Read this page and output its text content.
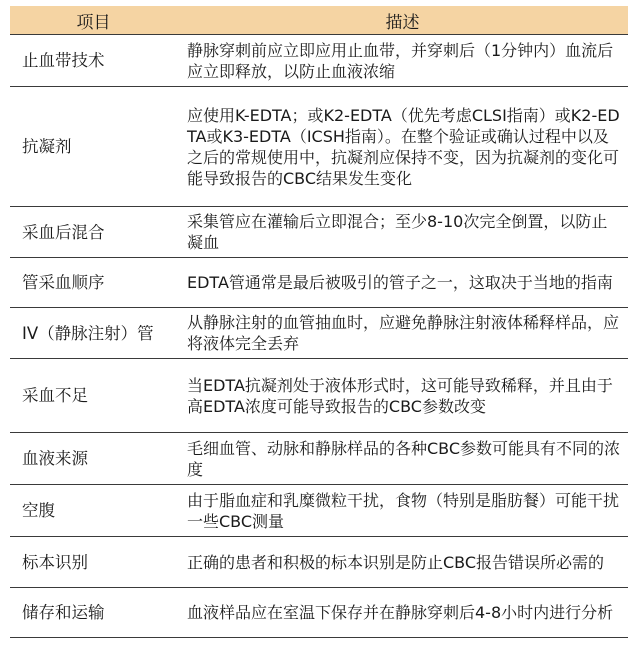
项目	描述
止血带技术	静脉穿刺前应立即应用止血带，并穿刺后（1分钟内）血流后应立即释放，以防止血液浓缩
抗凝剂	应使用K-EDTA；或K2-EDTA（优先考虑CLSI指南）或K2-EDTA或K3-EDTA（ICSH指南）。在整个验证或确认过程中以及之后的常规使用中，抗凝剂应保持不变，因为抗凝剂的变化可能导致报告的CBC结果发生变化
采血后混合	采集管应在灌输后立即混合；至少8-10次完全倒置，以防止凝血
管采血顺序	EDTA管通常是最后被吸引的管子之一，这取决于当地的指南
IV（静脉注射）管	从静脉注射的血管抽血时，应避免静脉注射液体稀释样品，应将液体完全丢弃
采血不足	当EDTA抗凝剂处于液体形式时，这可能导致稀释，并且由于高EDTA浓度可能导致报告的CBC参数改变
血液来源	毛细血管、动脉和静脉样品的各种CBC参数可能具有不同的浓度
空腹	由于脂血症和乳糜微粒干扰，食物（特别是脂肪餐）可能干扰一些CBC测量
标本识别	正确的患者和积极的标本识别是防止CBC报告错误所必需的
储存和运输	血液样品应在室温下保存并在静脉穿刺后4-8小时内进行分析
